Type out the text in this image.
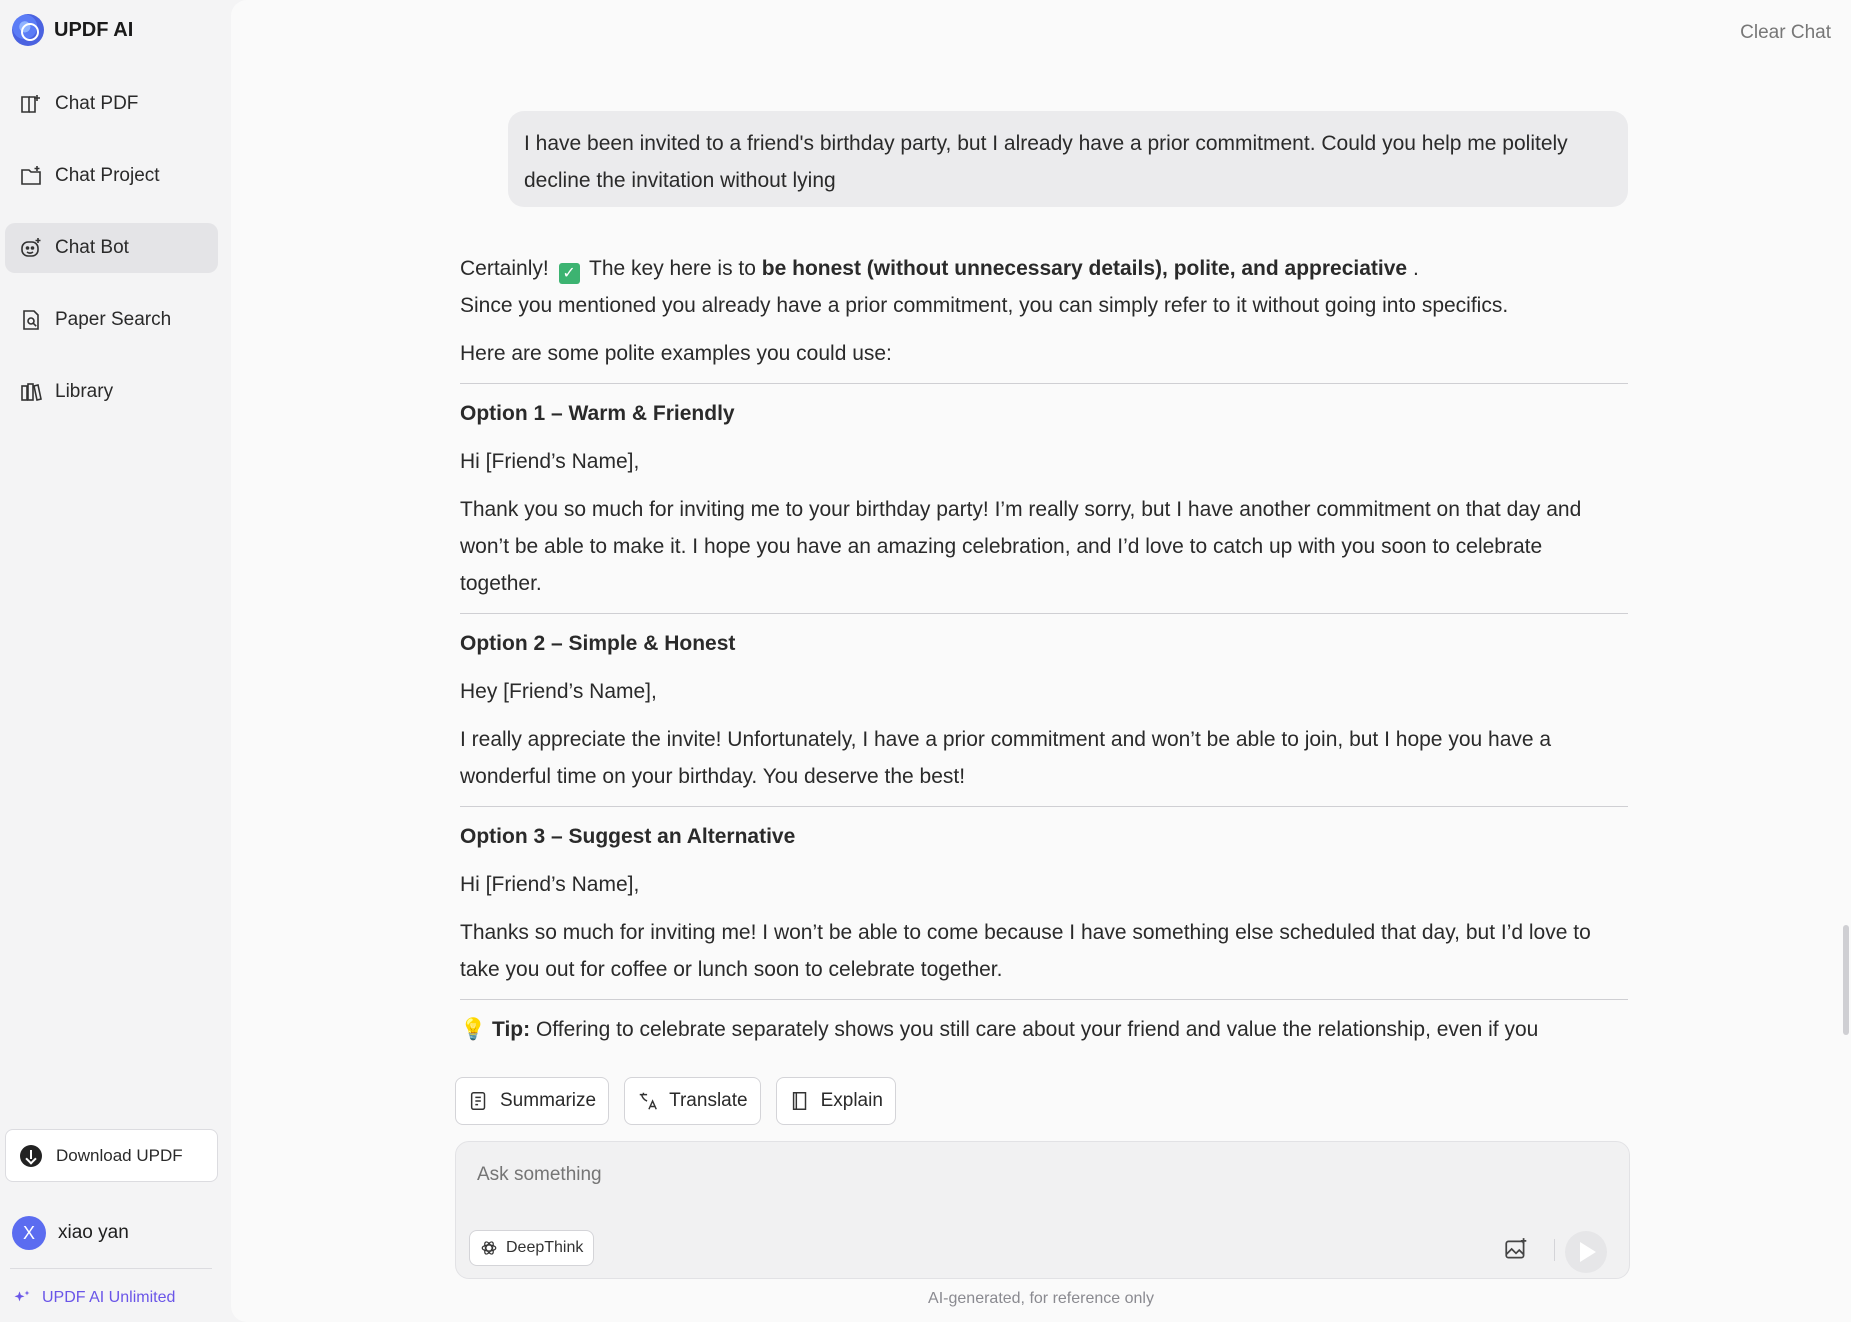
UPDF AI
Chat PDF
Chat Project
Chat Bot
Paper Search
Library
Download UPDF
X	xiao yan
UPDF AI Unlimited
Clear Chat
I have been invited to a friend's birthday party, but I already have a prior commitment. Could you help me politely decline the invitation without lying
Certainly! ✓ The key here is to be honest (without unnecessary details), polite, and appreciative .
Since you mentioned you already have a prior commitment, you can simply refer to it without going into specifics.
Here are some polite examples you could use:
Option 1 – Warm & Friendly
Hi [Friend’s Name],
Thank you so much for inviting me to your birthday party! I’m really sorry, but I have another commitment on that day and won’t be able to make it. I hope you have an amazing celebration, and I’d love to catch up with you soon to celebrate together.
Option 2 – Simple & Honest
Hey [Friend’s Name],
I really appreciate the invite! Unfortunately, I have a prior commitment and won’t be able to join, but I hope you have a wonderful time on your birthday. You deserve the best!
Option 3 – Suggest an Alternative
Hi [Friend’s Name],
Thanks so much for inviting me! I won’t be able to come because I have something else scheduled that day, but I’d love to take you out for coffee or lunch soon to celebrate together.
💡 Tip: Offering to celebrate separately shows you still care about your friend and value the relationship, even if you
Summarize	Translate	Explain
Ask something
DeepThink
AI-generated, for reference only
